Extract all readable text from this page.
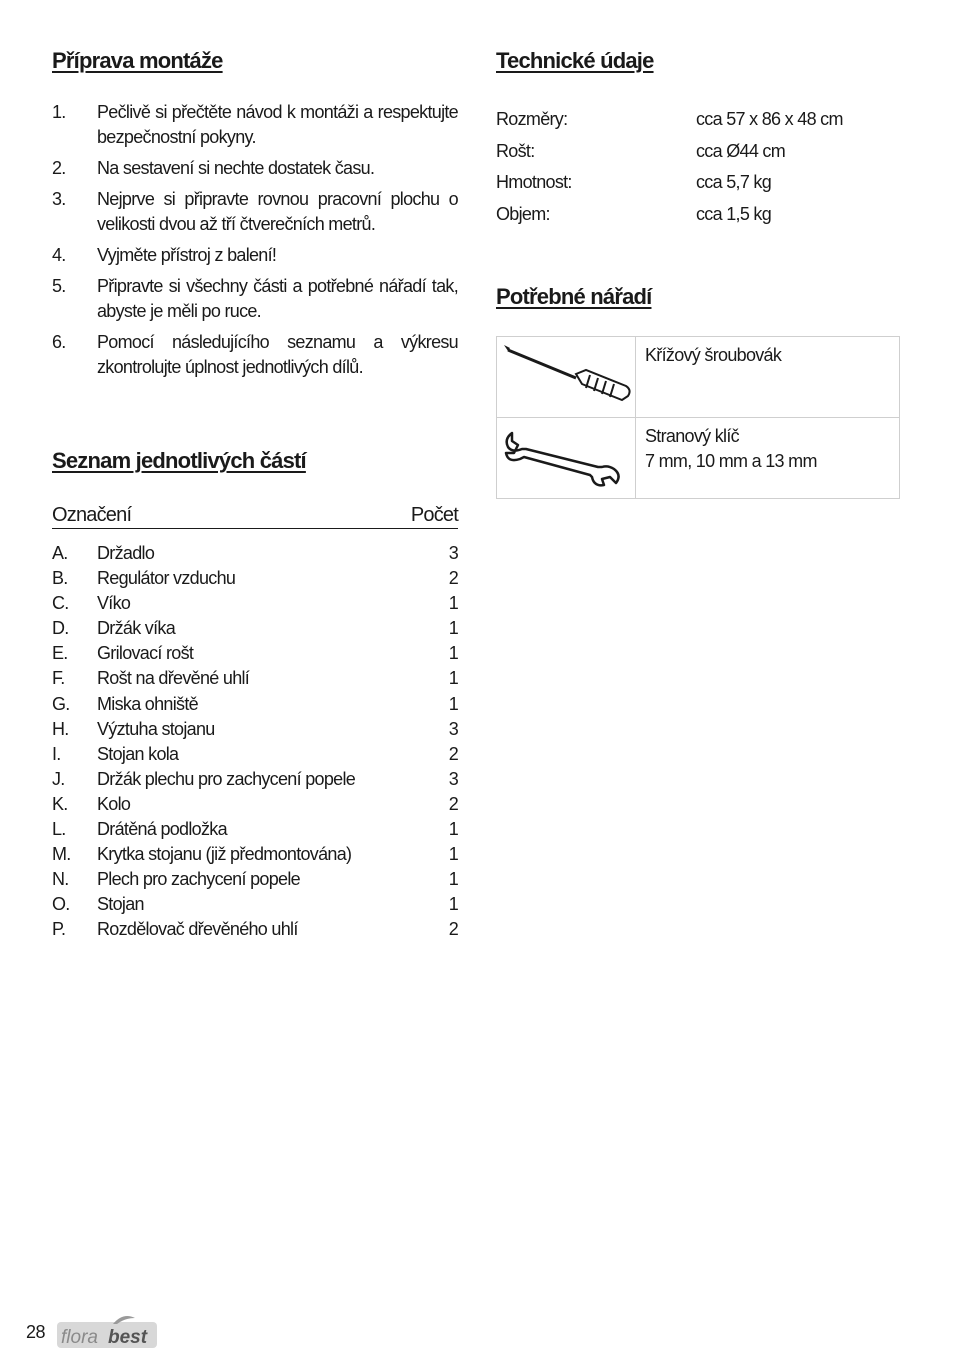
Příprava montáže
1.	Pečlivě si přečtěte návod k montáži a respektujte bezpečnostní pokyny.
2.	Na sestavení si nechte dostatek času.
3.	Nejprve si připravte rovnou pracovní plochu o velikosti dvou až tří čtverečních metrů.
4.	Vyjměte přístroj z balení!
5.	Připravte si všechny části a potřebné nářadí tak, abyste je měli po ruce.
6.	Pomocí následujícího seznamu a výkresu zkontrolujte úplnost jednotlivých dílů.
Seznam jednotlivých částí
Označení	Počet
A.	Držadlo	3
B.	Regulátor vzduchu	2
C.	Víko	1
D.	Držák víka	1
E.	Grilovací rošt	1
F.	Rošt na dřevěné uhlí	1
G.	Miska ohniště	1
H.	Výztuha stojanu	3
I.	Stojan kola	2
J.	Držák plechu pro zachycení popele	3
K.	Kolo	2
L.	Drátěná podložka	1
M.	Krytka stojanu (již předmontována)	1
N.	Plech pro zachycení popele	1
O.	Stojan	1
P.	Rozdělovač dřevěného uhlí	2
Technické údaje
Rozměry:	cca 57 x 86 x 48 cm
Rošt:	cca Ø44 cm
Hmotnost:	cca 5,7 kg
Objem:	cca 1,5 kg
Potřebné nářadí

Křížový šroubovák

Stranový klíč
7 mm, 10 mm a 13 mm
28 flora best
